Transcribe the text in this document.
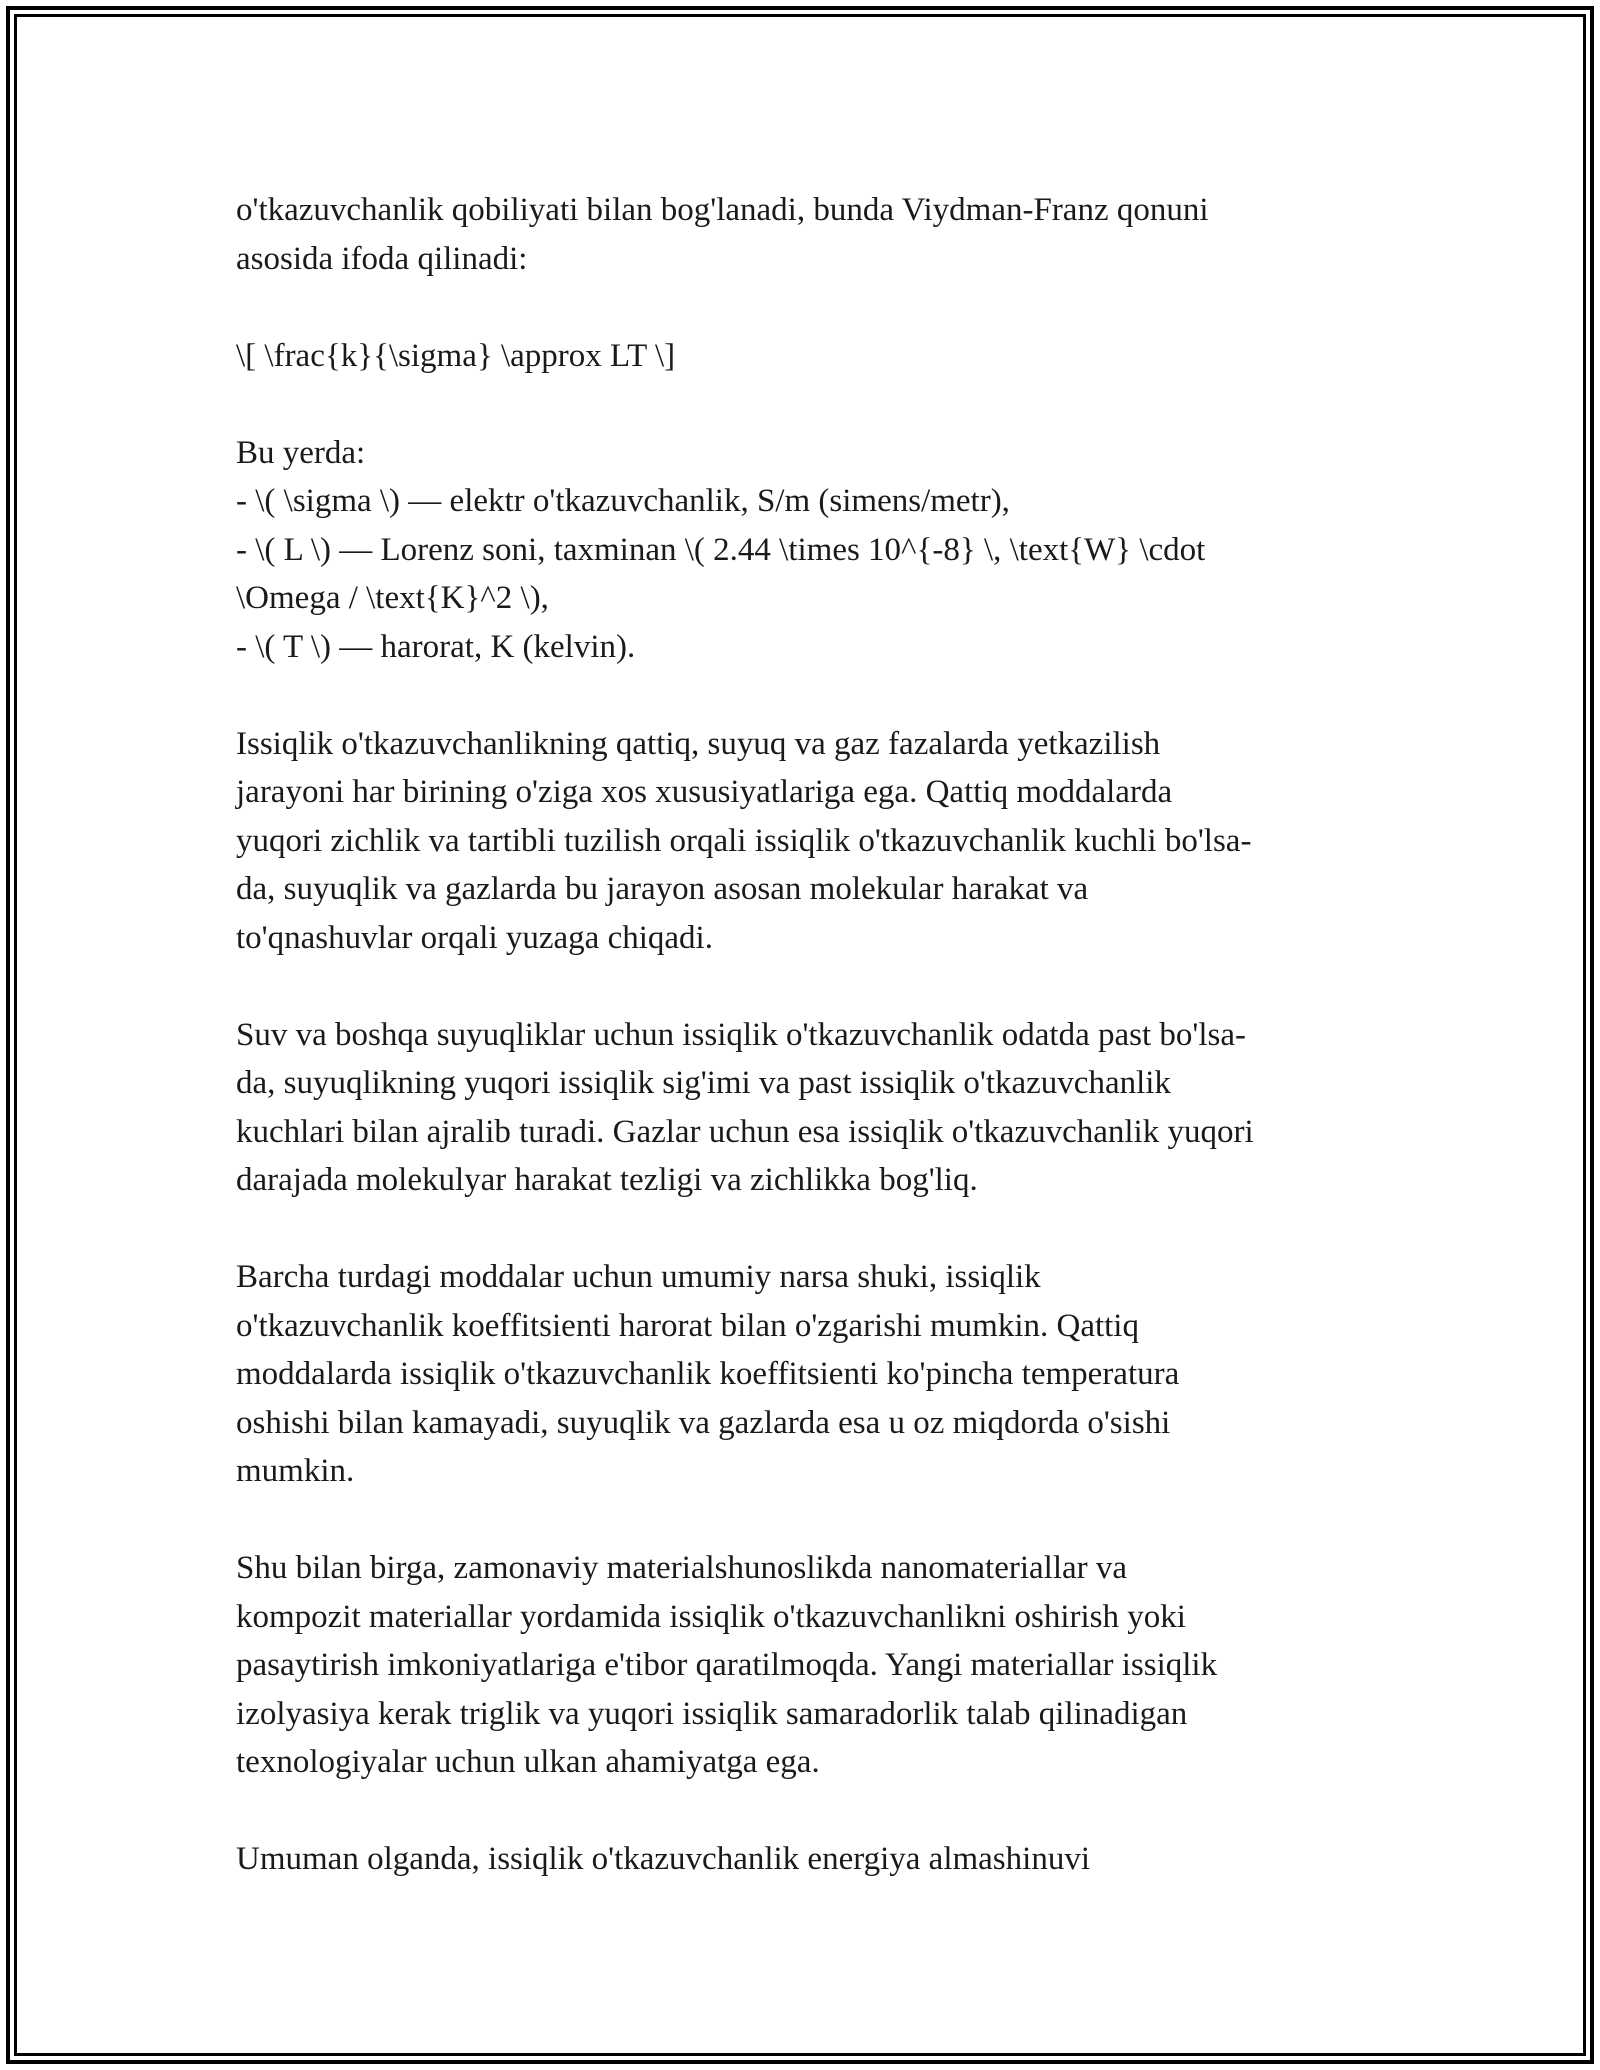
o'tkazuvchanlik qobiliyati bilan bog'lanadi, bunda Viydman-Franz qonuni
asosida ifoda qilinadi:

\[ \frac{k}{\sigma} \approx LT \]

Bu yerda:
- \( \sigma \) — elektr o'tkazuvchanlik, S/m (simens/metr),
- \( L \) — Lorenz soni, taxminan \( 2.44 \times 10^{-8} \, \text{W} \cdot
\Omega / \text{K}^2 \),
- \( T \) — harorat, K (kelvin).

Issiqlik o'tkazuvchanlikning qattiq, suyuq va gaz fazalarda yetkazilish
jarayoni har birining o'ziga xos xususiyatlariga ega. Qattiq moddalarda
yuqori zichlik va tartibli tuzilish orqali issiqlik o'tkazuvchanlik kuchli bo'lsa-
da, suyuqlik va gazlarda bu jarayon asosan molekular harakat va
to'qnashuvlar orqali yuzaga chiqadi.

Suv va boshqa suyuqliklar uchun issiqlik o'tkazuvchanlik odatda past bo'lsa-
da, suyuqlikning yuqori issiqlik sig'imi va past issiqlik o'tkazuvchanlik
kuchlari bilan ajralib turadi. Gazlar uchun esa issiqlik o'tkazuvchanlik yuqori
darajada molekulyar harakat tezligi va zichlikka bog'liq.

Barcha turdagi moddalar uchun umumiy narsa shuki, issiqlik
o'tkazuvchanlik koeffitsienti harorat bilan o'zgarishi mumkin. Qattiq
moddalarda issiqlik o'tkazuvchanlik koeffitsienti ko'pincha temperatura
oshishi bilan kamayadi, suyuqlik va gazlarda esa u oz miqdorda o'sishi
mumkin.

Shu bilan birga, zamonaviy materialshunoslikda nanomateriallar va
kompozit materiallar yordamida issiqlik o'tkazuvchanlikni oshirish yoki
pasaytirish imkoniyatlariga e'tibor qaratilmoqda. Yangi materiallar issiqlik
izolyasiya kerak triglik va yuqori issiqlik samaradorlik talab qilinadigan
texnologiyalar uchun ulkan ahamiyatga ega.

Umuman olganda, issiqlik o'tkazuvchanlik energiya almashinuvi
